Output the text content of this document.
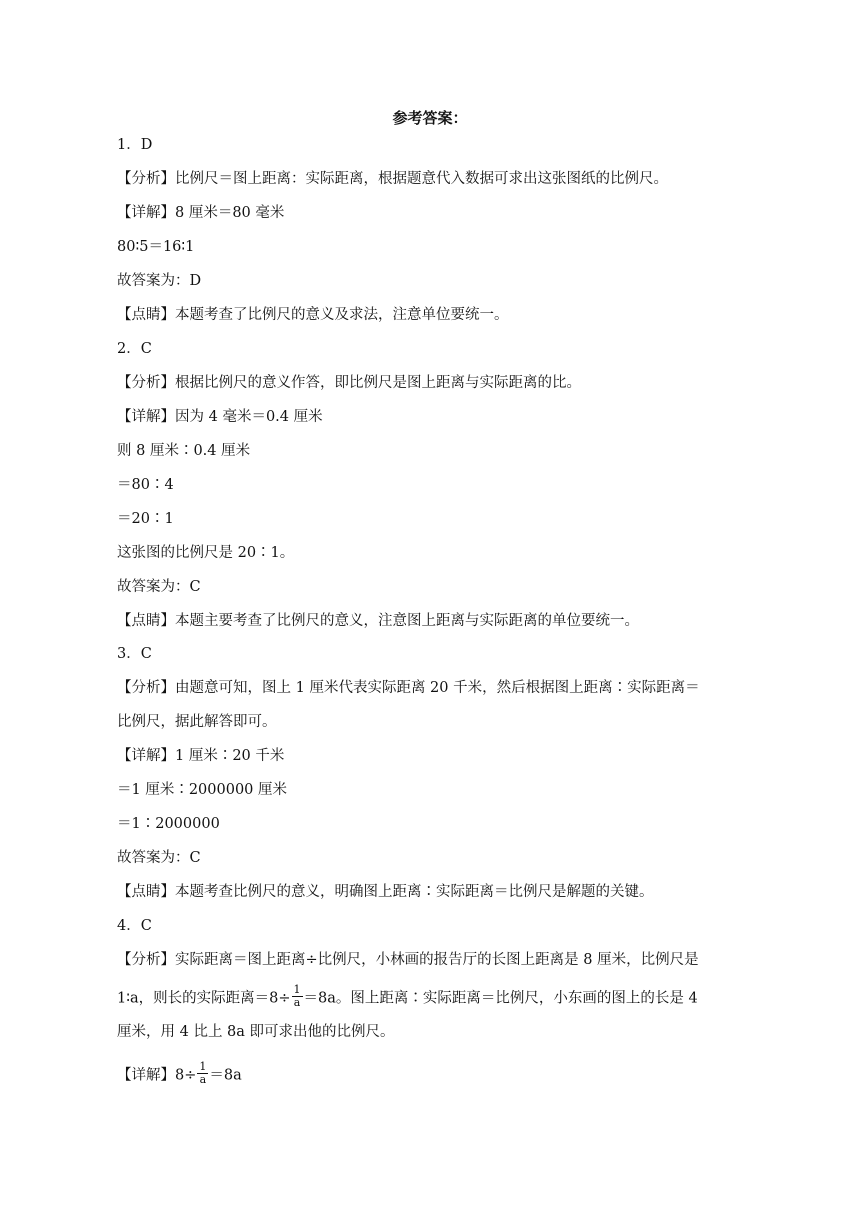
参考答案：
1．D
【分析】比例尺＝图上距离：实际距离，根据题意代入数据可求出这张图纸的比例尺。
【详解】8 厘米＝80 毫米
80∶5＝16∶1
故答案为：D
【点睛】本题考查了比例尺的意义及求法，注意单位要统一。
2．C
【分析】根据比例尺的意义作答，即比例尺是图上距离与实际距离的比。
【详解】因为 4 毫米＝0.4 厘米
则 8 厘米∶0.4 厘米
＝80∶4
＝20∶1
这张图的比例尺是 20∶1。
故答案为：C
【点睛】本题主要考查了比例尺的意义，注意图上距离与实际距离的单位要统一。
3．C
【分析】由题意可知，图上 1 厘米代表实际距离 20 千米，然后根据图上距离∶实际距离＝
比例尺，据此解答即可。
【详解】1 厘米∶20 千米
＝1 厘米∶2000000 厘米
＝1∶2000000
故答案为：C
【点睛】本题考查比例尺的意义，明确图上距离∶实际距离＝比例尺是解题的关键。
4．C
【分析】实际距离＝图上距离÷比例尺，小林画的报告厅的长图上距离是 8 厘米，比例尺是
1∶a，则长的实际距离$=8\div \frac{1}{a} =8a$。图上距离∶实际距离＝比例尺，小东画的图上的长是 4
厘米，用 4 比上 8a 即可求出他的比例尺。
【详解】$8\div \frac{1}{a} =8a$
